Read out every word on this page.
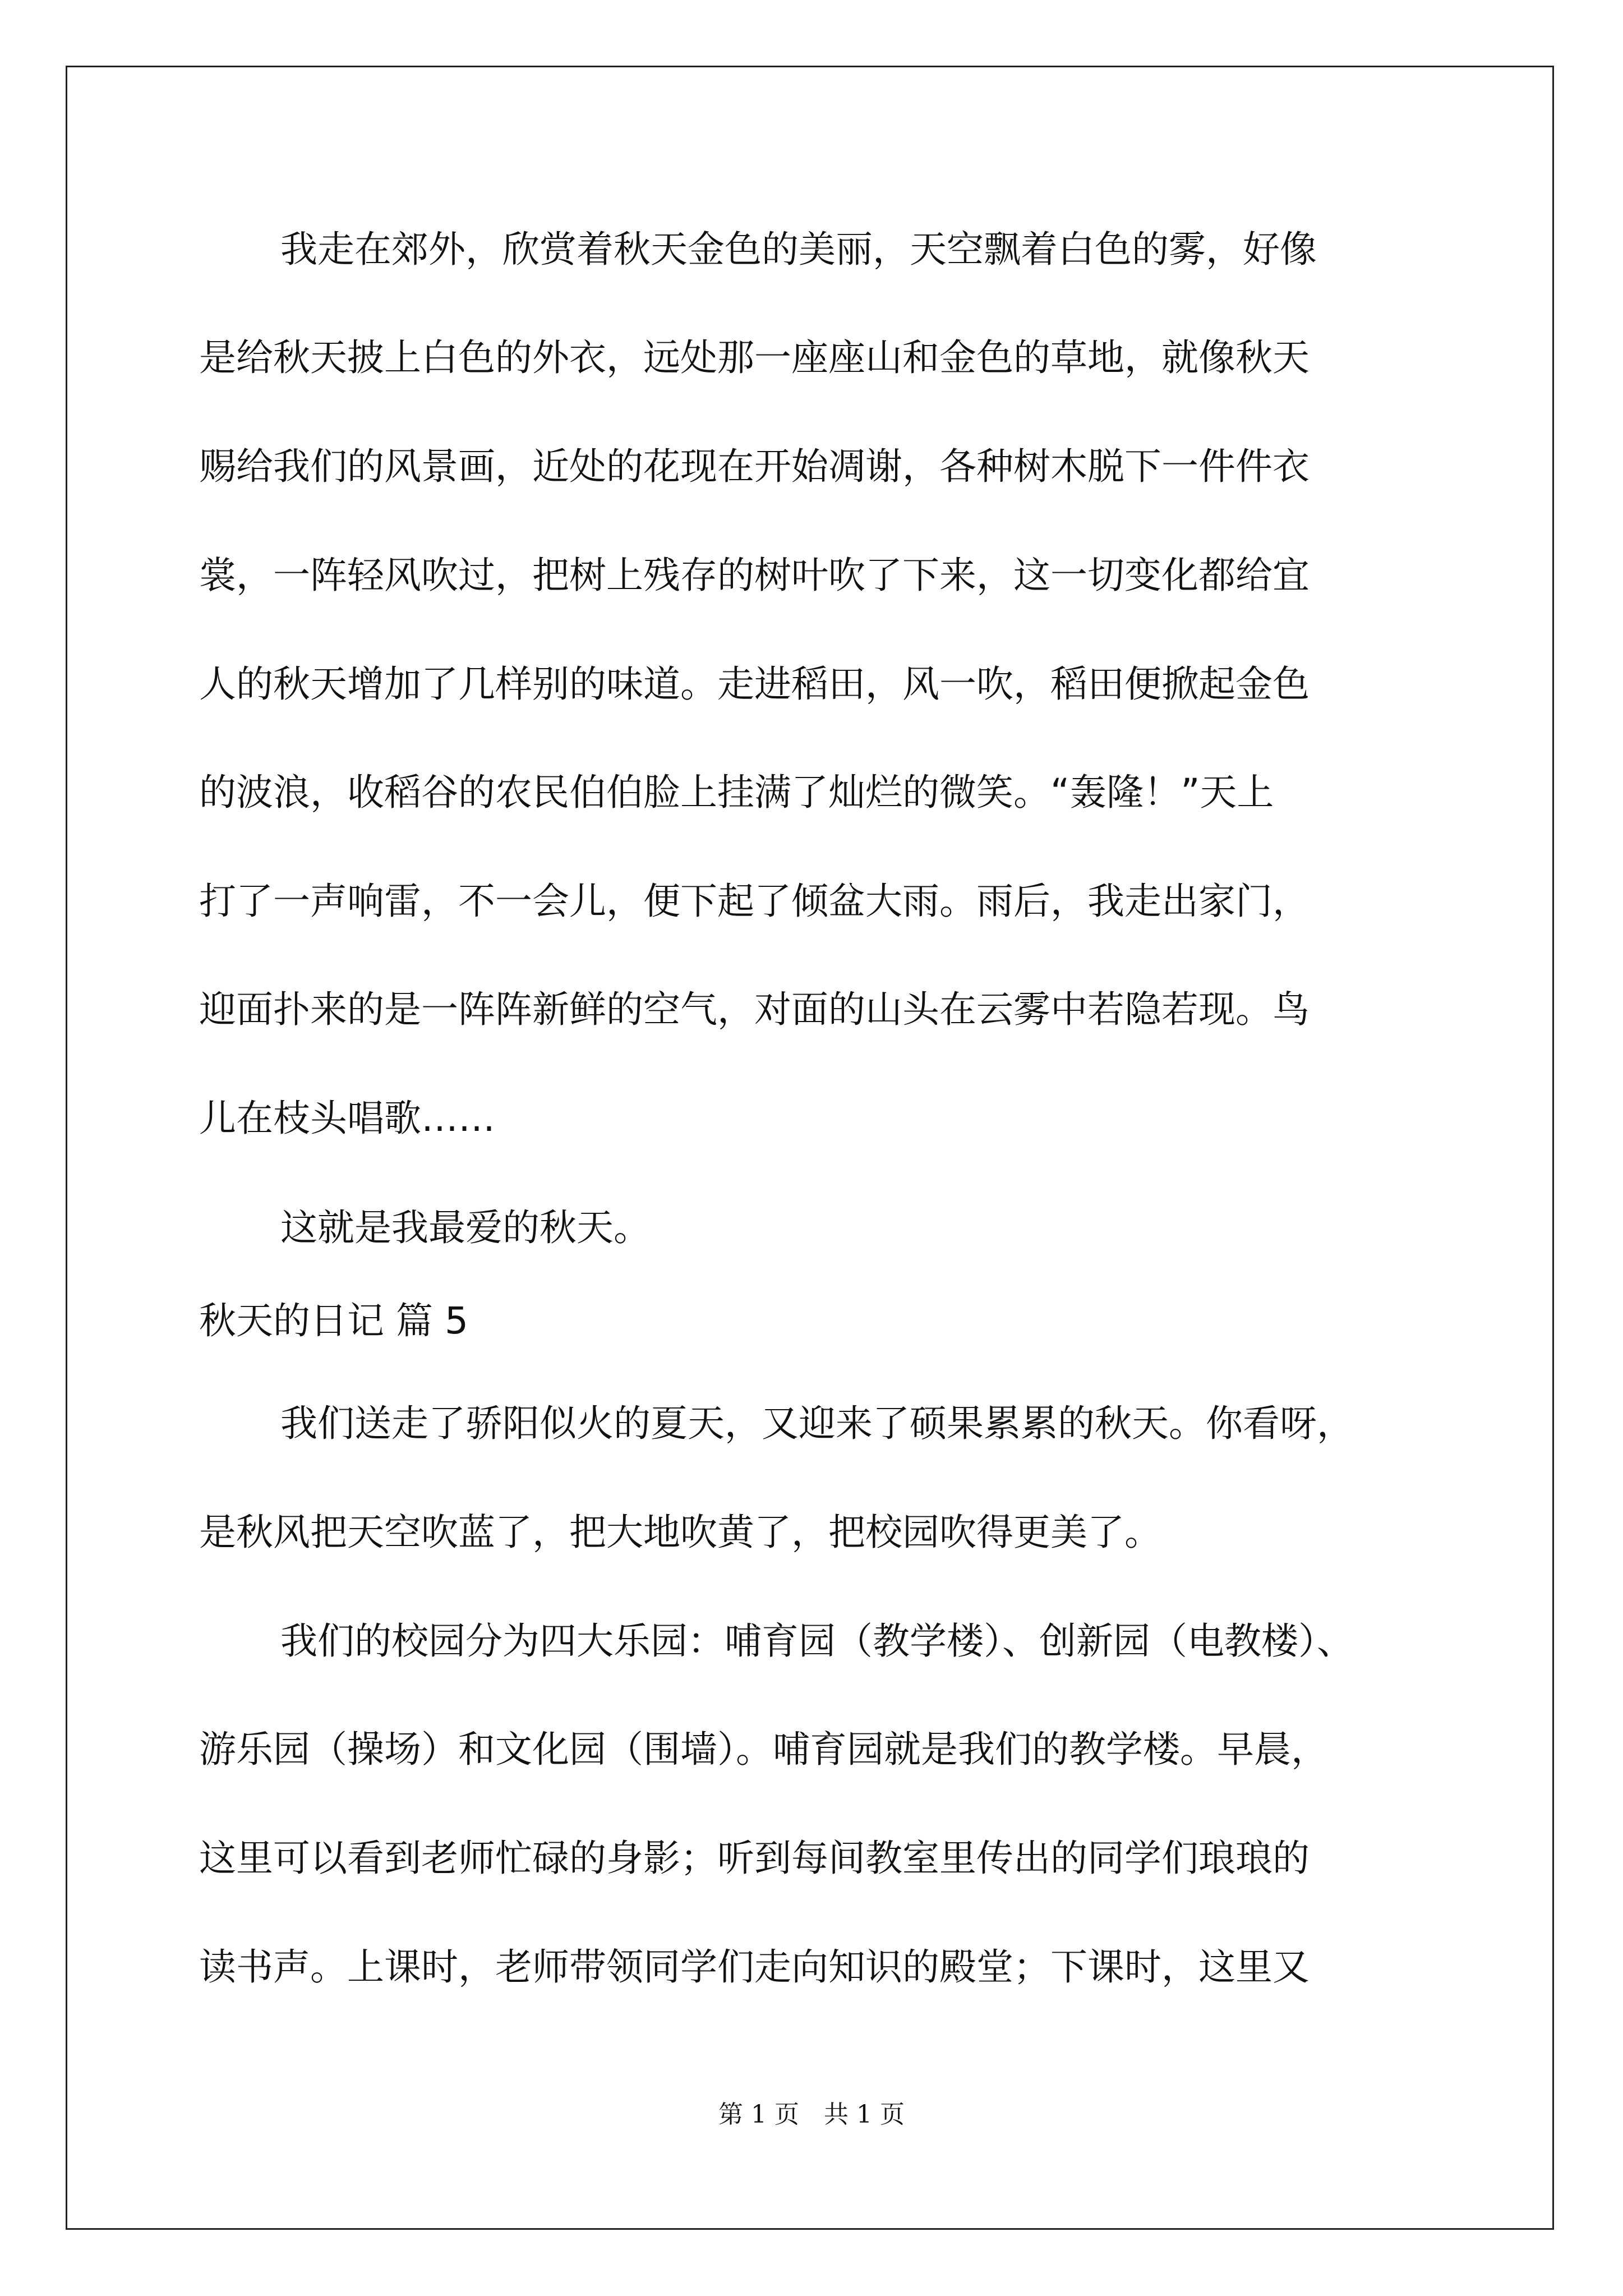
我走在郊外，欣赏着秋天金色的美丽，天空飘着白色的雾，好像
是给秋天披上白色的外衣，远处那一座座山和金色的草地，就像秋天
赐给我们的风景画，近处的花现在开始凋谢，各种树木脱下一件件衣
裳，一阵轻风吹过，把树上残存的树叶吹了下来，这一切变化都给宜
人的秋天增加了几样别的味道。走进稻田，风一吹，稻田便掀起金色
的波浪，收稻谷的农民伯伯脸上挂满了灿烂的微笑。“轰隆！”天上
打了一声响雷，不一会儿，便下起了倾盆大雨。雨后，我走出家门，
迎面扑来的是一阵阵新鲜的空气，对面的山头在云雾中若隐若现。鸟
儿在枝头唱歌……
这就是我最爱的秋天。
秋天的日记 篇 5
我们送走了骄阳似火的夏天，又迎来了硕果累累的秋天。你看呀，
是秋风把天空吹蓝了，把大地吹黄了，把校园吹得更美了。
我们的校园分为四大乐园：哺育园（教学楼）、创新园（电教楼）、
游乐园（操场）和文化园（围墙）。哺育园就是我们的教学楼。早晨，
这里可以看到老师忙碌的身影；听到每间教室里传出的同学们琅琅的
读书声。上课时，老师带领同学们走向知识的殿堂；下课时，这里又
第 1 页　共 1 页
